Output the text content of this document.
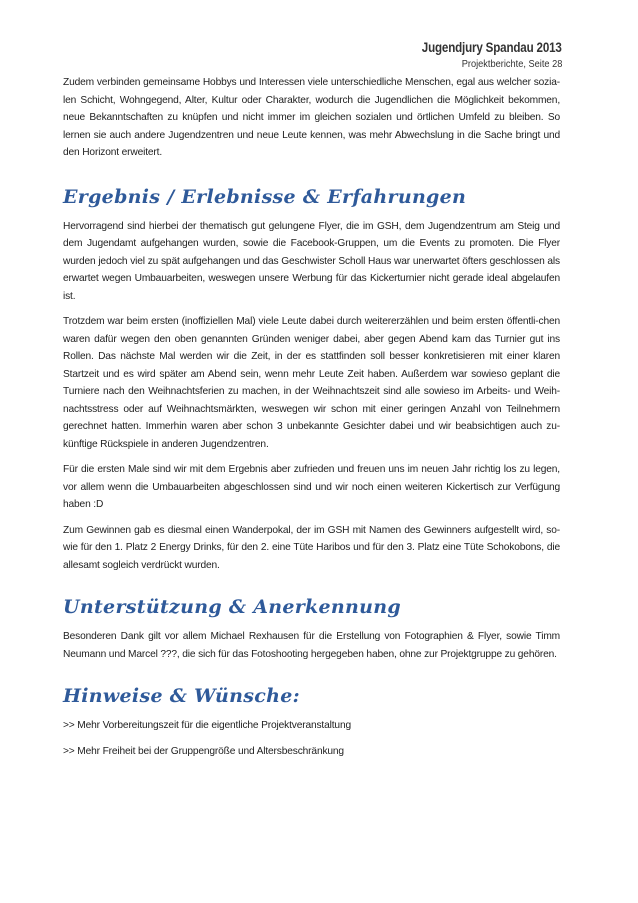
Jugendjury Spandau 2013
Projektberichte, Seite 28

Zudem verbinden gemeinsame Hobbys und Interessen viele unterschiedliche Menschen, egal aus welcher sozia-len Schicht, Wohngegend, Alter, Kultur oder Charakter, wodurch die Jugendlichen die Möglichkeit bekommen, neue Bekanntschaften zu knüpfen und nicht immer im gleichen sozialen und örtlichen Umfeld zu bleiben. So lernen sie auch andere Jugendzentren und neue Leute kennen, was mehr Abwechslung in die Sache bringt und den Horizont erweitert.

Ergebnis / Erlebnisse & Erfahrungen

Hervorragend sind hierbei der thematisch gut gelungene Flyer, die im GSH, dem Jugendzentrum am Steig und dem Jugendamt aufgehangen wurden, sowie die Facebook-Gruppen, um die Events zu promoten. Die Flyer wurden jedoch viel zu spät aufgehangen und das Geschwister Scholl Haus war unerwartet öfters geschlossen als erwartet wegen Umbauarbeiten, weswegen unsere Werbung für das Kickerturnier nicht gerade ideal abgelaufen ist.

Trotzdem war beim ersten (inoffiziellen Mal) viele Leute dabei durch weitererzählen und beim ersten öffentli-chen waren dafür wegen den oben genannten Gründen weniger dabei, aber gegen Abend kam das Turnier gut ins Rollen. Das nächste Mal werden wir die Zeit, in der es stattfinden soll besser konkretisieren mit einer klaren Startzeit und es wird später am Abend sein, wenn mehr Leute Zeit haben. Außerdem war sowieso geplant die Turniere nach den Weihnachtsferien zu machen, in der Weihnachtszeit sind alle sowieso im Arbeits- und Weih-nachtsstress oder auf Weihnachtsmärkten, weswegen wir schon mit einer geringen Anzahl von Teilnehmern gerechnet hatten. Immerhin waren aber schon 3 unbekannte Gesichter dabei und wir beabsichtigen auch zu-künftige Rückspiele in anderen Jugendzentren.

Für die ersten Male sind wir mit dem Ergebnis aber zufrieden und freuen uns im neuen Jahr richtig los zu legen, vor allem wenn die Umbauarbeiten abgeschlossen sind und wir noch einen weiteren Kickertisch zur Verfügung haben :D

Zum Gewinnen gab es diesmal einen Wanderpokal, der im GSH mit Namen des Gewinners aufgestellt wird, so-wie für den 1. Platz 2 Energy Drinks, für den 2. eine Tüte Haribos und für den 3. Platz eine Tüte Schokobons, die allesamt sogleich verdrückt wurden.

Unterstützung & Anerkennung

Besonderen Dank gilt vor allem Michael Rexhausen für die Erstellung von Fotographien & Flyer, sowie Timm Neumann und Marcel ???, die sich für das Fotoshooting hergegeben haben, ohne zur Projektgruppe zu gehören.

Hinweise & Wünsche:

>> Mehr Vorbereitungszeit für die eigentliche Projektveranstaltung

>> Mehr Freiheit bei der Gruppengröße und Altersbeschränkung
